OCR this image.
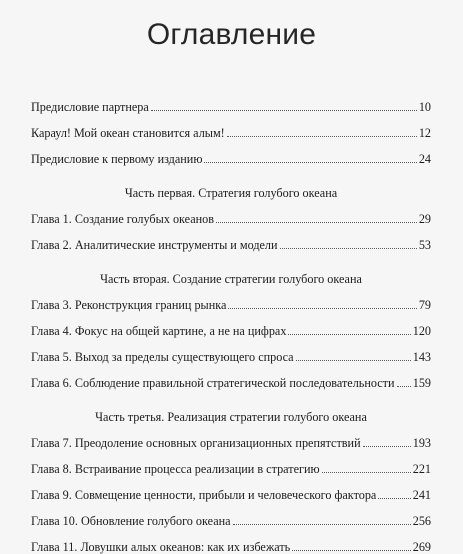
Оглавление
Предисловие партнера	10
Караул! Мой океан становится алым!	12
Предисловие к первому изданию	24
Часть первая. Стратегия голубого океана
Глава 1. Создание голубых океанов	29
Глава 2. Аналитические инструменты и модели	53
Часть вторая. Создание стратегии голубого океана
Глава 3. Реконструкция границ рынка	79
Глава 4. Фокус на общей картине, а не на цифрах	120
Глава 5. Выход за пределы существующего спроса	143
Глава 6. Соблюдение правильной стратегической последовательности 159
Часть третья. Реализация стратегии голубого океана
Глава 7. Преодоление основных организационных препятствий	193
Глава 8. Встраивание процесса реализации в стратегию	221
Глава 9. Совмещение ценности, прибыли и человеческого фактора	241
Глава 10. Обновление голубого океана	256
Глава 11. Ловушки алых океанов: как их избежать	269
